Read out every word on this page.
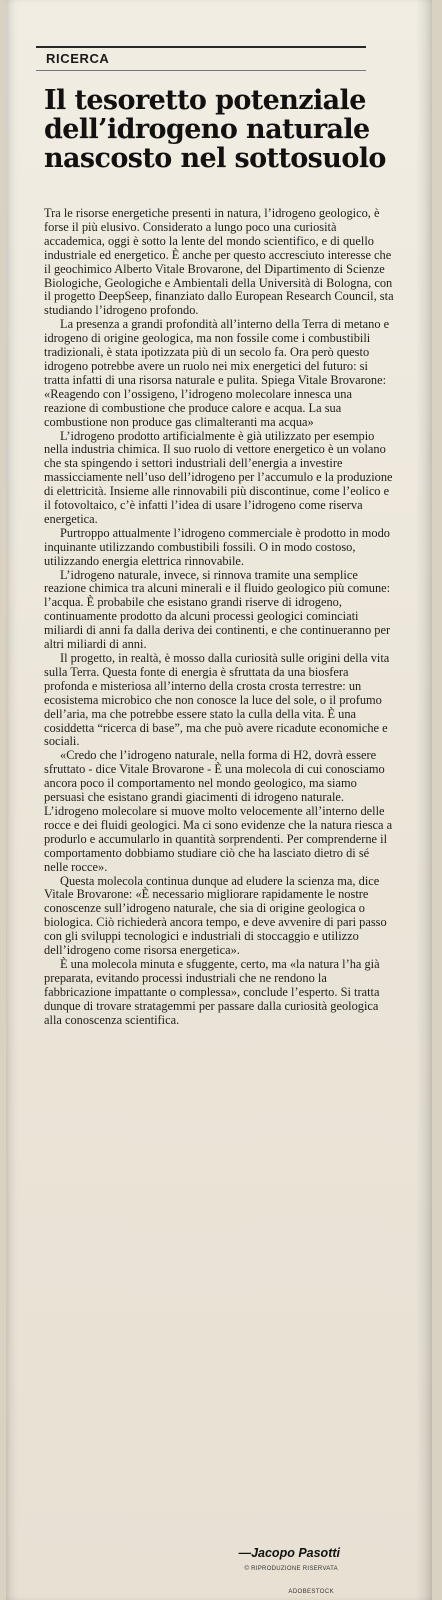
RICERCA
Il tesoretto potenziale
dell’idrogeno naturale
nascosto nel sottosuolo

Tra le risorse energetiche presenti in natura, l’idrogeno geologico, è forse il più elusivo. Considerato a lungo poco una curiosità accademica, oggi è sotto la lente del mondo scientifico, e di quello industriale ed energetico. È anche per questo accresciuto interesse che il geochimico Alberto Vitale Brovarone, del Dipartimento di Scienze Biologiche, Geologiche e Ambientali della Università di Bologna, con il progetto DeepSeep, finanziato dallo European Research Council, sta studiando l’idrogeno profondo.

La presenza a grandi profondità all’interno della Terra di metano e idrogeno di origine geologica, ma non fossile come i combustibili tradizionali, è stata ipotizzata più di un secolo fa. Ora però questo idrogeno potrebbe avere un ruolo nei mix energetici del futuro: si tratta infatti di una risorsa naturale e pulita. Spiega Vitale Brovarone: «Reagendo con l’ossigeno, l’idrogeno molecolare innesca una reazione di combustione che produce calore e acqua. La sua combustione non produce gas climalteranti ma acqua»

L’idrogeno prodotto artificialmente è già utilizzato per esempio nella industria chimica. Il suo ruolo di vettore energetico è un volano che sta spingendo i settori industriali dell’energia a investire massicciamente nell’uso dell’idrogeno per l’accumulo e la produzione di elettricità. Insieme alle rinnovabili più discontinue, come l’eolico e il fotovoltaico, c’è infatti l’idea di usare l’idrogeno come riserva energetica.

Purtroppo attualmente l’idrogeno commerciale è prodotto in modo inquinante utilizzando combustibili fossili. O in modo costoso, utilizzando energia elettrica rinnovabile.

L’idrogeno naturale, invece, si rinnova tramite una semplice reazione chimica tra alcuni minerali e il fluido geologico più comune: l’acqua. È probabile che esistano grandi riserve di idrogeno, continuamente prodotto da alcuni processi geologici cominciati miliardi di anni fa dalla deriva dei continenti, e che continueranno per altri miliardi di anni.

Il progetto, in realtà, è mosso dalla curiosità sulle origini della vita sulla Terra. Questa fonte di energia è sfruttata da una biosfera profonda e misteriosa all’interno della crosta crosta terrestre: un ecosistema microbico che non conosce la luce del sole, o il profumo dell’aria, ma che potrebbe essere stato la culla della vita. È una cosiddetta “ricerca di base”, ma che può avere ricadute economiche e sociali.

«Credo che l’idrogeno naturale, nella forma di H2, dovrà essere sfruttato - dice Vitale Brovarone - È una molecola di cui conosciamo ancora poco il comportamento nel mondo geologico, ma siamo persuasi che esistano grandi giacimenti di idrogeno naturale. L’idrogeno molecolare si muove molto velocemente all’interno delle rocce e dei fluidi geologici. Ma ci sono evidenze che la natura riesca a produrlo e accumularlo in quantità sorprendenti. Per comprenderne il comportamento dobbiamo studiare ciò che ha lasciato dietro di sé nelle rocce».

Questa molecola continua dunque ad eludere la scienza ma, dice Vitale Brovarone: «È necessario migliorare rapidamente le nostre conoscenze sull’idrogeno naturale, che sia di origine geologica o biologica. Ciò richiederà ancora tempo, e deve avvenire di pari passo con gli sviluppi tecnologici e industriali di stoccaggio e utilizzo dell’idrogeno come risorsa energetica».

È una molecola minuta e sfuggente, certo, ma «la natura l’ha già preparata, evitando processi industriali che ne rendono la fabbricazione impattante o complessa», conclude l’esperto. Si tratta dunque di trovare stratagemmi per passare dalla curiosità geologica alla conoscenza scientifica.

—Jacopo Pasotti
© RIPRODUZIONE RISERVATA
ADOBESTOCK
